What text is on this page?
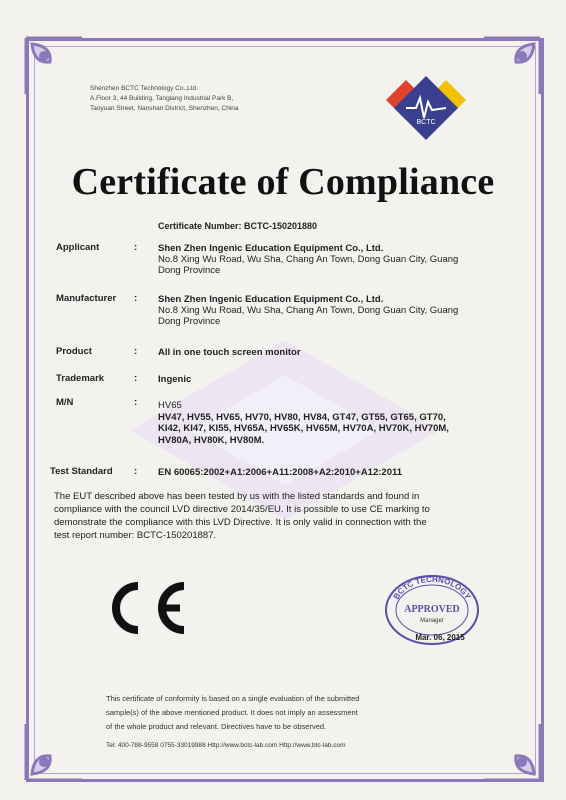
Shenzhen BCTC Technology Co.,Ltd.
A.Floor 3, 44 Building, Tanglang Industrial Park B,
Taoyuan Street, Nanshan District, Shenzhen, China
BCTC
Certificate of Compliance
Certificate Number: BCTC-150201880
Applicant	: Shen Zhen Ingenic Education Equipment Co., Ltd.
No.8 Xing Wu Road, Wu Sha, Chang An Town, Dong Guan City, Guang
Dong Province
Manufacturer : Shen Zhen Ingenic Education Equipment Co., Ltd.
No.8 Xing Wu Road, Wu Sha, Chang An Town, Dong Guan City, Guang
Dong Province
Product	: All in one touch screen monitor
Trademark	: Ingenic
M/N	: HV65
HV47, HV55, HV65, HV70, HV80, HV84, GT47, GT55, GT65, GT70,
KI42, KI47, KI55, HV65A, HV65K, HV65M, HV70A, HV70K, HV70M,
HV80A, HV80K, HV80M.
Test Standard : EN 60065:2002+A1:2006+A11:2008+A2:2010+A12:2011
The EUT described above has been tested by us with the listed standards and found in
compliance with the council LVD directive 2014/35/EU. It is possible to use CE marking to
demonstrate the compliance with this LVD Directive. It is only valid in connection with the
test report number: BCTC-150201887.
BCTC TECHNOLOGY
APPROVED
Manager
Mar. 06, 2015
This certificate of conformity is based on a single evaluation of the submitted
sample(s) of the above mentioned product. It does not imply an assessment
of the whole product and relevant. Directives have to be observed.
Tel: 400-788-9558 0755-33019988 Http://www.bctc-lab.com Http://www.btc-lab.com
